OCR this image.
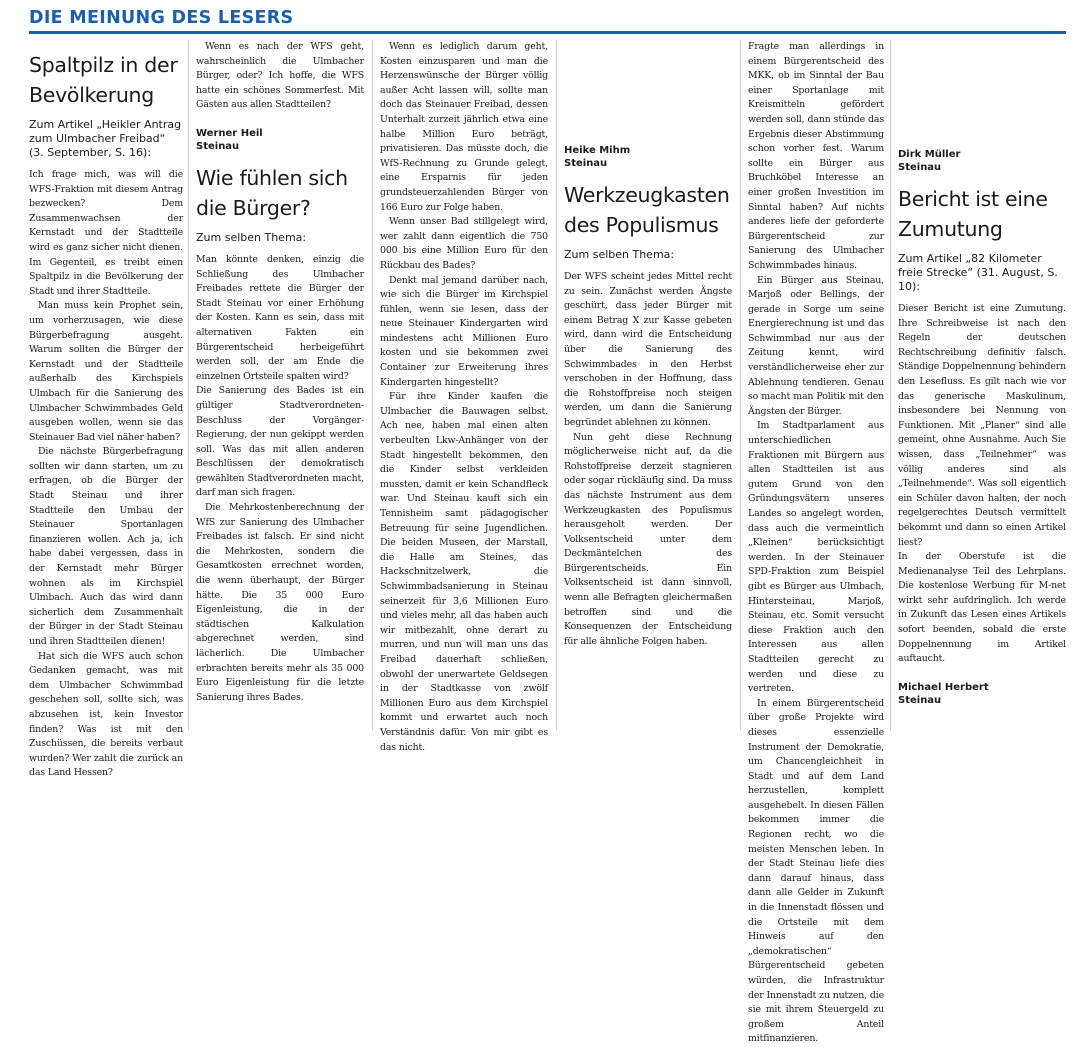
DIE MEINUNG DES LESERS
Spaltpilz in der Bevölkerung

Zum Artikel „Heikler Antrag zum Ulmbacher Freibad“ (3. September, S. 16):

Ich frage mich, was will die WFS-Fraktion mit diesem Antrag bezwecken? Dem Zusammenwachsen der Kernstadt und der Stadtteile wird es ganz sicher nicht dienen. Im Gegenteil, es treibt einen Spaltpilz in die Bevölkerung der Stadt und ihrer Stadtteile.

Man muss kein Prophet sein, um vorherzusagen, wie diese Bürgerbefragung ausgeht. Warum sollten die Bürger der Kernstadt und der Stadtteile außerhalb des Kirchspiels Ulmbach für die Sanierung des Ulmbacher Schwimmbades Geld ausgeben wollen, wenn sie das Steinauer Bad viel näher haben?

Die nächste Bürgerbefragung sollten wir dann starten, um zu erfragen, ob die Bürger der Stadt Steinau und ihrer Stadtteile den Umbau der Steinauer Sportanlagen finanzieren wollen. Ach ja, ich habe dabei vergessen, dass in der Kernstadt mehr Bürger wohnen als im Kirchspiel Ulmbach. Auch das wird dann sicherlich dem Zusammenhalt der Bürger in der Stadt Steinau und ihren Stadtteilen dienen!

Hat sich die WFS auch schon Gedanken gemacht, was mit dem Ulmbacher Schwimmbad geschehen soll, sollte sich, was abzusehen ist, kein Investor finden? Was ist mit den Zuschüssen, die bereits verbaut wurden? Wer zahlt die zurück an das Land Hessen?

Wenn es nach der WFS geht, wahrscheinlich die Ulmbacher Bürger, oder? Ich hoffe, die WFS hatte ein schönes Sommerfest. Mit Gästen aus allen Stadtteilen?

Werner Heil

Steinau

Wie fühlen sich die Bürger?

Zum selben Thema:

Man könnte denken, einzig die Schließung des Ulmbacher Freibades rettete die Bürger der Stadt Steinau vor einer Erhöhung der Kosten. Kann es sein, dass mit alternativen Fakten ein Bürgerentscheid herbeigeführt werden soll, der am Ende die einzelnen Ortsteile spalten wird?

Die Sanierung des Bades ist ein gültiger Stadtverordneten-Beschluss der Vorgänger-Regierung, der nun gekippt werden soll. Was das mit allen anderen Beschlüssen der demokratisch gewählten Stadtverordneten macht, darf man sich fragen.

Die Mehrkostenberechnung der WfS zur Sanierung des Ulmbacher Freibades ist falsch. Er sind nicht die Mehrkosten, sondern die Gesamtkosten errechnet worden, die wenn überhaupt, der Bürger hätte. Die 35 000 Euro Eigenleistung, die in der städtischen Kalkulation abgerechnet werden, sind lächerlich. Die Ulmbacher erbrachten bereits mehr als 35 000 Euro Eigenleistung für die letzte Sanierung ihres Bades.

Wenn es lediglich darum geht, Kosten einzusparen und man die Herzenswünsche der Bürger völlig außer Acht lassen will, sollte man doch das Steinauer Freibad, dessen Unterhalt zurzeit jährlich etwa eine halbe Million Euro beträgt, privatisieren. Das müsste doch, die WfS-Rechnung zu Grunde gelegt, eine Ersparnis für jeden grundsteuerzahlenden Bürger von 166 Euro zur Folge haben.

Wenn unser Bad stillgelegt wird, wer zahlt dann eigentlich die 750 000 bis eine Million Euro für den Rückbau des Bades?

Denkt mal jemand darüber nach, wie sich die Bürger im Kirchspiel fühlen, wenn sie lesen, dass der neue Steinauer Kindergarten wird mindestens acht Millionen Euro kosten und sie bekommen zwei Container zur Erweiterung ihres Kindergarten hingestellt?

Für ihre Kinder kaufen die Ulmbacher die Bauwagen selbst. Ach nee, haben mal einen alten verbeulten Lkw-Anhänger von der Stadt hingestellt bekommen, den die Kinder selbst verkleiden mussten, damit er kein Schandfleck war. Und Steinau kauft sich ein Tennisheim samt pädagogischer Betreuung für seine Jugendlichen. Die beiden Museen, der Marstall, die Halle am Steines, das Hackschnitzelwerk, die Schwimmbadsanierung in Steinau seinerzeit für 3,6 Millionen Euro und vieles mehr, all das haben auch wir mitbezahlt, ohne derart zu murren, und nun will man uns das Freibad dauerhaft schließen, obwohl der unerwartete Geldsegen in der Stadtkasse von zwölf Millionen Euro aus dem Kirchspiel kommt und erwartet auch noch Verständnis dafür. Von mir gibt es das nicht.

Heike Mihm

Steinau

Werkzeugkasten des Populismus

Zum selben Thema:

Der WFS scheint jedes Mittel recht zu sein. Zunächst werden Ängste geschürt, dass jeder Bürger mit einem Betrag X zur Kasse gebeten wird, dann wird die Entscheidung über die Sanierung des Schwimmbades in den Herbst verschoben in der Hoffnung, dass die Rohstoffpreise noch steigen werden, um dann die Sanierung begründet ablehnen zu können.

Nun geht diese Rechnung möglicherweise nicht auf, da die Rohstoffpreise derzeit stagnieren oder sogar rückläufig sind. Da muss das nächste Instrument aus dem Werkzeugkasten des Populismus herausgeholt werden. Der Volksentscheid unter dem Deckmäntelchen des Bürgerentscheids. Ein Volksentscheid ist dann sinnvoll, wenn alle Befragten gleichermaßen betroffen sind und die Konsequenzen der Entscheidung für alle ähnliche Folgen haben.

Fragte man allerdings in einem Bürgerentscheid des MKK, ob im Sinntal der Bau einer Sportanlage mit Kreismitteln gefördert werden soll, dann stünde das Ergebnis dieser Abstimmung schon vorher fest. Warum sollte ein Bürger aus Bruchköbel Interesse an einer großen Investition im Sinntal haben? Auf nichts anderes liefe der geforderte Bürgerentscheid zur Sanierung des Ulmbacher Schwimmbades hinaus.

Ein Bürger aus Steinau, Marjoß oder Bellings, der gerade in Sorge um seine Energierechnung ist und das Schwimmbad nur aus der Zeitung kennt, wird verständlicherweise eher zur Ablehnung tendieren. Genau so macht man Politik mit den Ängsten der Bürger.

Im Stadtparlament aus unterschiedlichen Fraktionen mit Bürgern aus allen Stadtteilen ist aus gutem Grund von den Gründungsvätern unseres Landes so angelegt worden, dass auch die vermeintlich „Kleinen“ berücksichtigt werden. In der Steinauer SPD-Fraktion zum Beispiel gibt es Bürger aus Ulmbach, Hintersteinau, Marjoß, Steinau, etc. Somit versucht diese Fraktion auch den Interessen aus allen Stadtteilen gerecht zu werden und diese zu vertreten.

In einem Bürgerentscheid über große Projekte wird dieses essenzielle Instrument der Demokratie, um Chancengleichheit in Stadt und auf dem Land herzustellen, komplett ausgehebelt. In diesen Fällen bekommen immer die Regionen recht, wo die meisten Menschen leben. In der Stadt Steinau liefe dies dann darauf hinaus, dass dann alle Gelder in Zukunft in die Innenstadt flössen und die Ortsteile mit dem Hinweis auf den „demokratischen“ Bürgerentscheid gebeten würden, die Infrastruktur der Innenstadt zu nutzen, die sie mit ihrem Steuergeld zu großem Anteil mitfinanzieren.

Dirk Müller

Steinau

Bericht ist eine Zumutung

Zum Artikel „82 Kilometer freie Strecke“ (31. August, S. 10):

Dieser Bericht ist eine Zumutung. Ihre Schreibweise ist nach den Regeln der deutschen Rechtschreibung definitiv falsch. Ständige Doppelnennung behindern den Lesefluss. Es gilt nach wie vor das generische Maskulinum, insbesondere bei Nennung von Funktionen. Mit „Planer“ sind alle gemeint, ohne Ausnahme. Auch Sie wissen, dass „Teilnehmer“ was völlig anderes sind als „Teilnehmende“. Was soll eigentlich ein Schüler davon halten, der noch regelgerechtes Deutsch vermittelt bekommt und dann so einen Artikel liest?

In der Oberstufe ist die Medienanalyse Teil des Lehrplans. Die kostenlose Werbung für M-net wirkt sehr aufdringlich. Ich werde in Zukunft das Lesen eines Artikels sofort beenden, sobald die erste Doppelnennung im Artikel auftaucht.

Michael Herbert

Steinau
